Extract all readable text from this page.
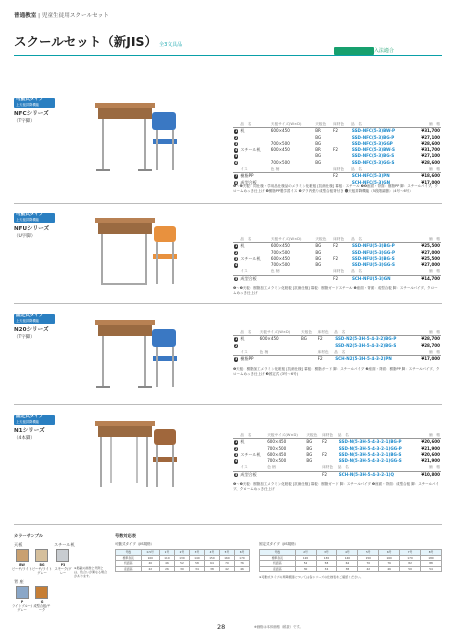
普通教室 | 児童生徒用スクールセット
スクールセット（新JIS） 全3文具品
グリーン購入法適合
可動式タイプ
上天板昇降機能
NFCシリーズ
（T字脚）
		品　名	天板サイズ(W×D)	天板色	床材色	品　名	価　格
1	机	600×450	BR	F2	SSD-NFC(5-3)BW-P	¥31,700
2			BG		SSD-NFC(5-3)BG-P	¥27,100
3		700×500	BG		SSD-NFC(5-3)GGP	¥28,600
4	スチール机	600×450	BR	F2	SSD-NFC(5-3)BW-S	¥31,700
5			BG		SSD-NFC(5-3)BG-S	¥27,100
6		700×500	BG		SSD-NFC(5-3)GG-S	¥28,600
	イス	色 柄		床材色	品　名	価　格
7	樹脂PP			F2	SCH-NFC(5-3)PN	¥18,600
8	成型合板				SCH-NFC(5-3)GN	¥17,000
❶〜❻天板：同仕様・学用品仕様品のメラミン化粧板 [抗菌仕様] 幕板：スチール ❼❽座面・背面：樹脂PP 脚：スチールパイプ、クロームめっき仕上げ ❾樹脂PP製学習イス ❿プラ内張り成型合板背付き ⓫天板昇降機能（5段階調節）（4号〜6号）
可動式タイプ
上天板昇降機能
NFUシリーズ
（U字脚）
		品　名	天板サイズ(W×D)	天板色	床材色	品　名	価　格
1	机	600×450	BG	F2	SSD-NFU(5-3)BG-P	¥25,500
2		700×500	BG		SSD-NFU(5-3)GG-P	¥27,000
3	スチール机	600×450	BG	F2	SSD-NFU(5-3)BG-S	¥25,500
4		700×500	BG		SSD-NFU(5-3)GG-S	¥27,000
	イス	色 柄		床材色	品　名	価　格
5	成型合板			F2	SCH-NFU(5-3)GN	¥14,700
❶〜❹天板：樹脂加工メラミン化粧板 [抗菌仕様] 幕板：樹脂ガードスチール ❺座面・背面：成型合板 脚：スチールパイプ、クロームめっき仕上げ
固定式タイプ
上天板昇降機能
N20シリーズ
（T字脚）
	品　名	天板サイズ(W×D)	天板色	床材色	品　名	価　格
1	机	600×450	BG	F2	SSD-N2(5-3H-5-4-3-2)BG-P	¥28,700
2					SSD-N2(5-3H-5-4-3-2)BG-S	¥28,700
	イス	色 柄		床材色	品　名	価　格
3	樹脂PP			F2	SCH-N2(5-3H-5-4-3-2)PN	¥17,000
❶天板：樹脂加工メラミン化粧板 [抗菌仕様] 幕板：樹脂ガード 脚：スチールパイプ ❷座面・背面：樹脂PP 脚：スチールパイプ、クロームめっき仕上げ ❸固定式 (3号〜6号)
固定式タイプ
上天板昇降機能
N1シリーズ
（4本脚）
	品　名	天板サイズ(W×D)	天板色	床材色	品　名	価　格
1	机	600×450	BG	F2	SSD-N(5-3H-5-4-3-2-1)BG-P	¥20,600
2		700×500	BG		SSD-N(5-3H-5-4-3-2-1)GG-P	¥21,900
3	スチール机	600×450	BG	F2	SSD-N(5-3H-5-4-3-2-1)BG-S	¥20,600
4		700×500	BG		SSD-N(5-3H-5-4-3-2-1)GG-S	¥21,900
	イス	色 柄		床材色	品　名	価　格
5	成型合板			F2	SCH-N(5-3H-5-4-3-2-1)Q	¥10,800
❶〜❹天板：樹脂加工メラミン化粧板 [抗菌仕様] 幕板：樹脂ガード 脚：スチールパイプ ❺座面・背面：成型合板 脚：スチールパイプ、クロームめっき仕上げ
カラーサンプル
天板	スチール机
BW
ビーチ/ライト
BG
ビーチ/ライトグレー
P3
スモーク/グレー
背 座
P
ライトブルー/グレー
G
成型合板/チーク
※掲載の画像と実際とは、色合いが異なる場合があります。
号数対応表
可動式タイプ（JIS規格）
号数	0.5号	1号	2号	3号	4号	5号	6号
標準身長	100	110	130	140	150	160	170
机面高	40	46	52	58	64	70	76
座面高	22	26	30	34	38	42	46
固定式タイプ（JIS規格）
号数	2号	3号	4号	5号	6号	7号	8号
標準身長	120	130	140	150	160	170	180
机面高	52	58	64	70	76	82	88
座面高	30	34	38	42	46	50	54
※可動式タイプの昇降範囲については各シリーズの仕様表をご確認ください。
28	※価格は本体価格（税抜）です。
